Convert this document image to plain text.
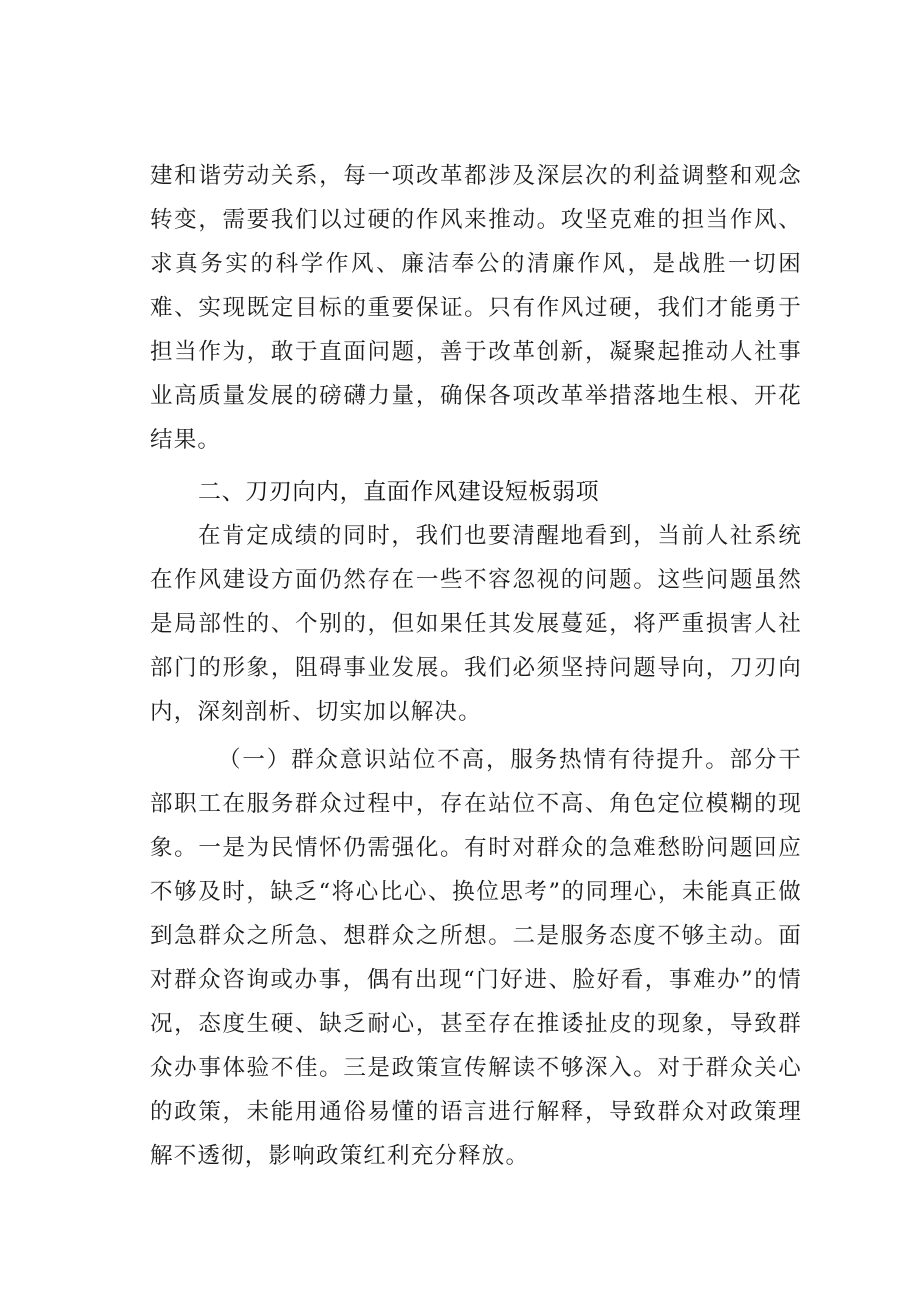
建和谐劳动关系，每一项改革都涉及深层次的利益调整和观念转变，需要我们以过硬的作风来推动。攻坚克难的担当作风、求真务实的科学作风、廉洁奉公的清廉作风，是战胜一切困难、实现既定目标的重要保证。只有作风过硬，我们才能勇于担当作为，敢于直面问题，善于改革创新，凝聚起推动人社事业高质量发展的磅礴力量，确保各项改革举措落地生根、开花结果。

二、刀刃向内，直面作风建设短板弱项

在肯定成绩的同时，我们也要清醒地看到，当前人社系统在作风建设方面仍然存在一些不容忽视的问题。这些问题虽然是局部性的、个别的，但如果任其发展蔓延，将严重损害人社部门的形象，阻碍事业发展。我们必须坚持问题导向，刀刃向内，深刻剖析、切实加以解决。

（一）群众意识站位不高，服务热情有待提升。部分干部职工在服务群众过程中，存在站位不高、角色定位模糊的现象。一是为民情怀仍需强化。有时对群众的急难愁盼问题回应不够及时，缺乏“将心比心、换位思考”的同理心，未能真正做到急群众之所急、想群众之所想。二是服务态度不够主动。面对群众咨询或办事，偶有出现“门好进、脸好看，事难办”的情况，态度生硬、缺乏耐心，甚至存在推诿扯皮的现象，导致群众办事体验不佳。三是政策宣传解读不够深入。对于群众关心的政策，未能用通俗易懂的语言进行解释，导致群众对政策理解不透彻，影响政策红利充分释放。
